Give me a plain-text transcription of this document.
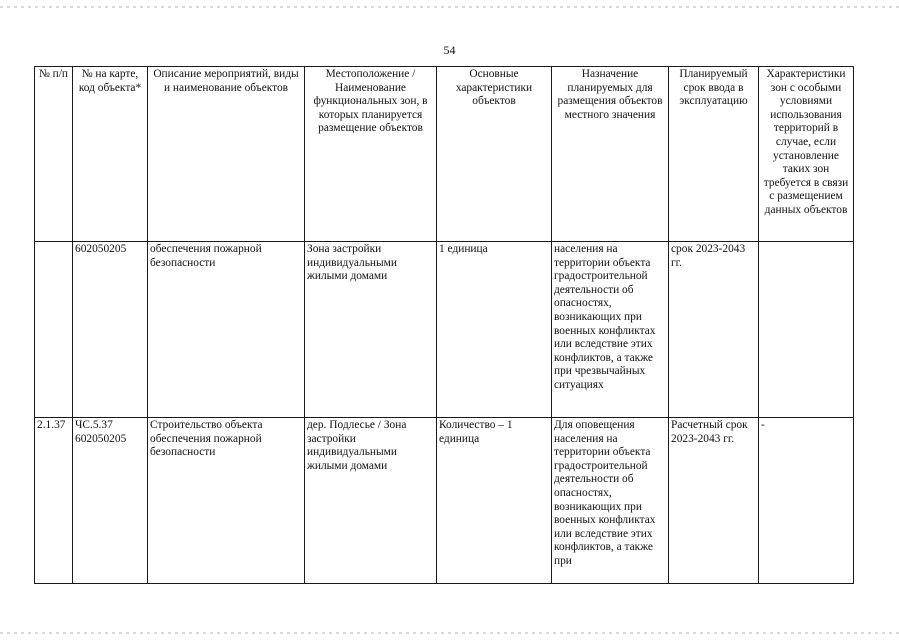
54
№ п/п	№ на карте, код объекта*	Описание мероприятий, виды и наименование объектов	Местоположение / Наименование функциональных зон, в которых планируется размещение объектов	Основные характеристики объектов	Назначение планируемых для размещения объектов местного значения	Планируемый срок ввода в эксплуатацию	Характеристики зон с особыми условиями использования территорий в случае, если установление таких зон требуется в связи с размещением данных объектов
	602050205	обеспечения пожарной безопасности	Зона застройки индивидуальными жилыми домами	1 единица	населения на территории объекта градостроительной деятельности об опасностях, возникающих при военных конфликтах или вследствие этих конфликтов, а также при чрезвычайных ситуациях	срок 2023-2043 гг.	
2.1.37	ЧС.5.37 602050205	Строительство объекта обеспечения пожарной безопасности	дер. Подлесье / Зона застройки индивидуальными жилыми домами	Количество – 1 единица	Для оповещения населения на территории объекта градостроительной деятельности об опасностях, возникающих при военных конфликтах или вследствие этих конфликтов, а также при	Расчетный срок 2023-2043 гг.	-
